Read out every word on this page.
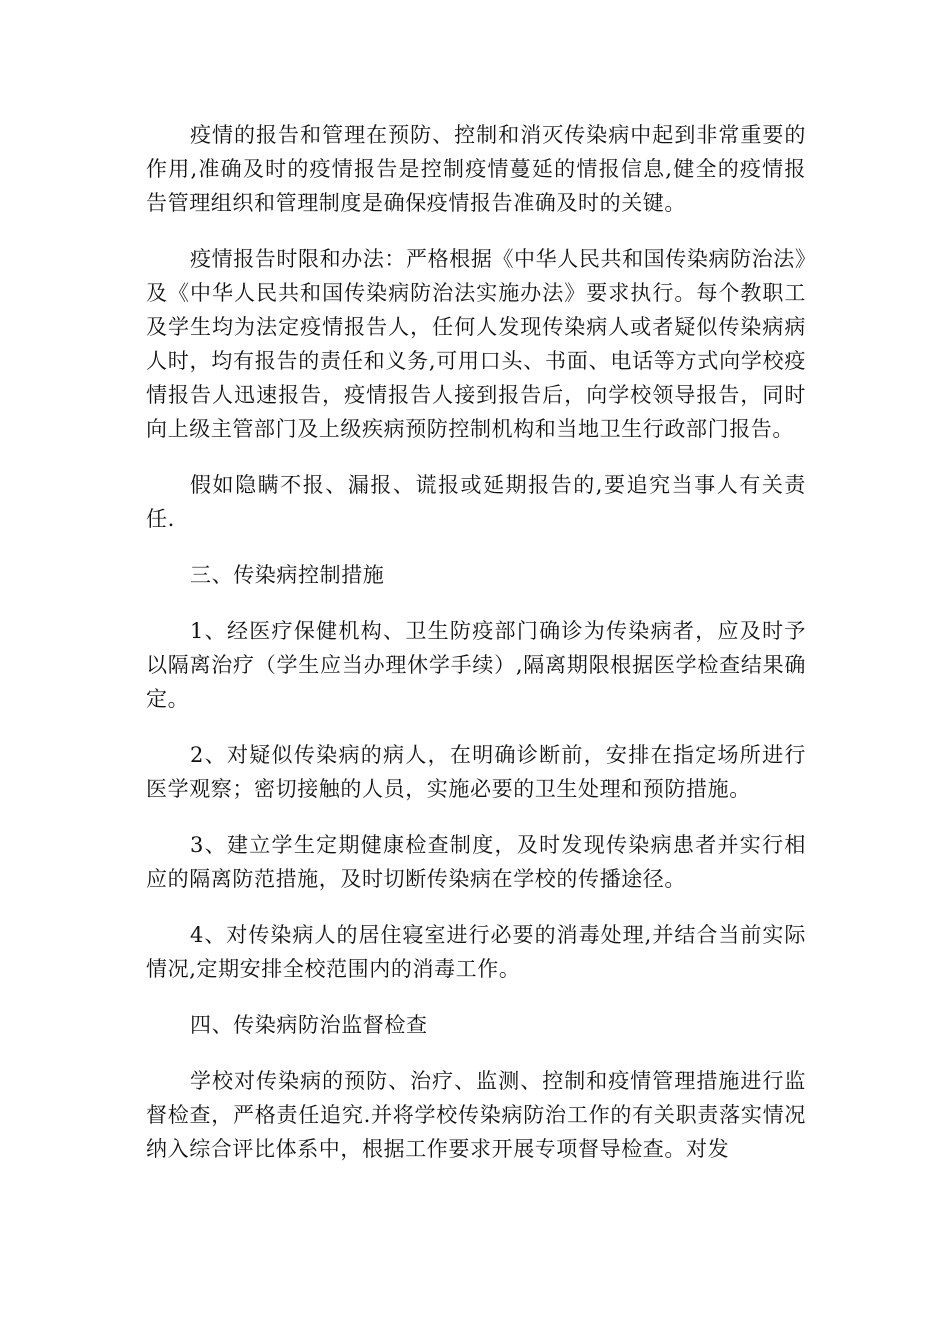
疫情的报告和管理在预防、控制和消灭传染病中起到非常重要的作用,准确及时的疫情报告是控制疫情蔓延的情报信息,健全的疫情报告管理组织和管理制度是确保疫情报告准确及时的关键。

疫情报告时限和办法：严格根据《中华人民共和国传染病防治法》及《中华人民共和国传染病防治法实施办法》要求执行。每个教职工及学生均为法定疫情报告人，任何人发现传染病人或者疑似传染病病人时，均有报告的责任和义务,可用口头、书面、电话等方式向学校疫情报告人迅速报告，疫情报告人接到报告后，向学校领导报告，同时向上级主管部门及上级疾病预防控制机构和当地卫生行政部门报告。

假如隐瞒不报、漏报、谎报或延期报告的,要追究当事人有关责任.

三、传染病控制措施

1、经医疗保健机构、卫生防疫部门确诊为传染病者，应及时予以隔离治疗（学生应当办理休学手续）,隔离期限根据医学检查结果确定。

2、对疑似传染病的病人，在明确诊断前，安排在指定场所进行医学观察；密切接触的人员，实施必要的卫生处理和预防措施。

3、建立学生定期健康检查制度，及时发现传染病患者并实行相应的隔离防范措施，及时切断传染病在学校的传播途径。

4、对传染病人的居住寝室进行必要的消毒处理,并结合当前实际情况,定期安排全校范围内的消毒工作。

四、传染病防治监督检查

学校对传染病的预防、治疗、监测、控制和疫情管理措施进行监督检查，严格责任追究.并将学校传染病防治工作的有关职责落实情况纳入综合评比体系中，根据工作要求开展专项督导检查。对发
